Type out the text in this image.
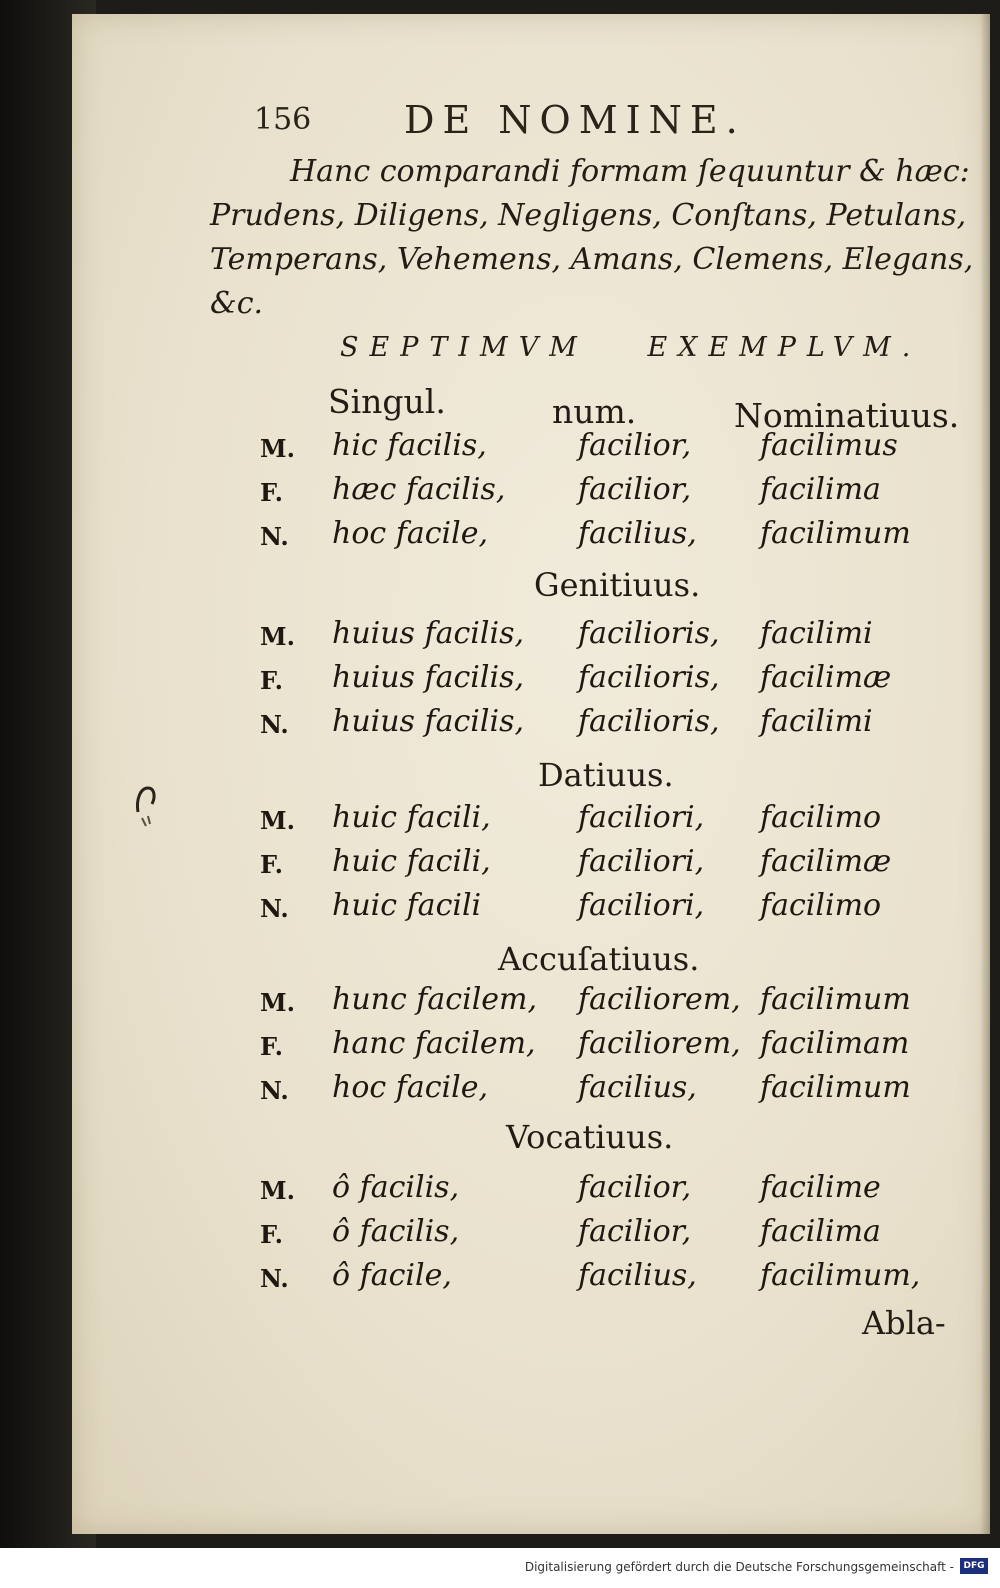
156 DE NOMINE.
Hanc comparandi formam ſequuntur & hæc:
Prudens, Diligens, Negligens, Conſtans, Petulans,
Temperans, Vehemens, Amans, Clemens, Elegans,
&c.
SEPTIMVM EXEMPLVM.
Singul.	num.	Nominatiuus.
M. hic facilis,	facilior, facilimus
F. hæc facilis, facilior, facilima
N. hoc facile,	facilius, facilimum
Genitiuus.
M. huius facilis, facilioris, facilimi
F. huius facilis, facilioris, facilimæ
N. huius facilis, facilioris, facilimi
Datiuus.
M. huic facili,	faciliori, facilimo
F. huic facili,	faciliori, facilimæ
N. huic facili	faciliori, facilimo
Accuſatiuus.
M. hunc facilem, faciliorem, facilimum
F. hanc facilem, faciliorem, facilimam
N. hoc facile,	facilius, facilimum
Vocatiuus.
M. ô facilis,	facilior, facilime
F. ô facilis,	facilior, facilima
N. ô facile,	facilius, facilimum,
Abla-
Digitalisierung gefördert durch die Deutsche Forschungsgemeinschaft -	DFG
